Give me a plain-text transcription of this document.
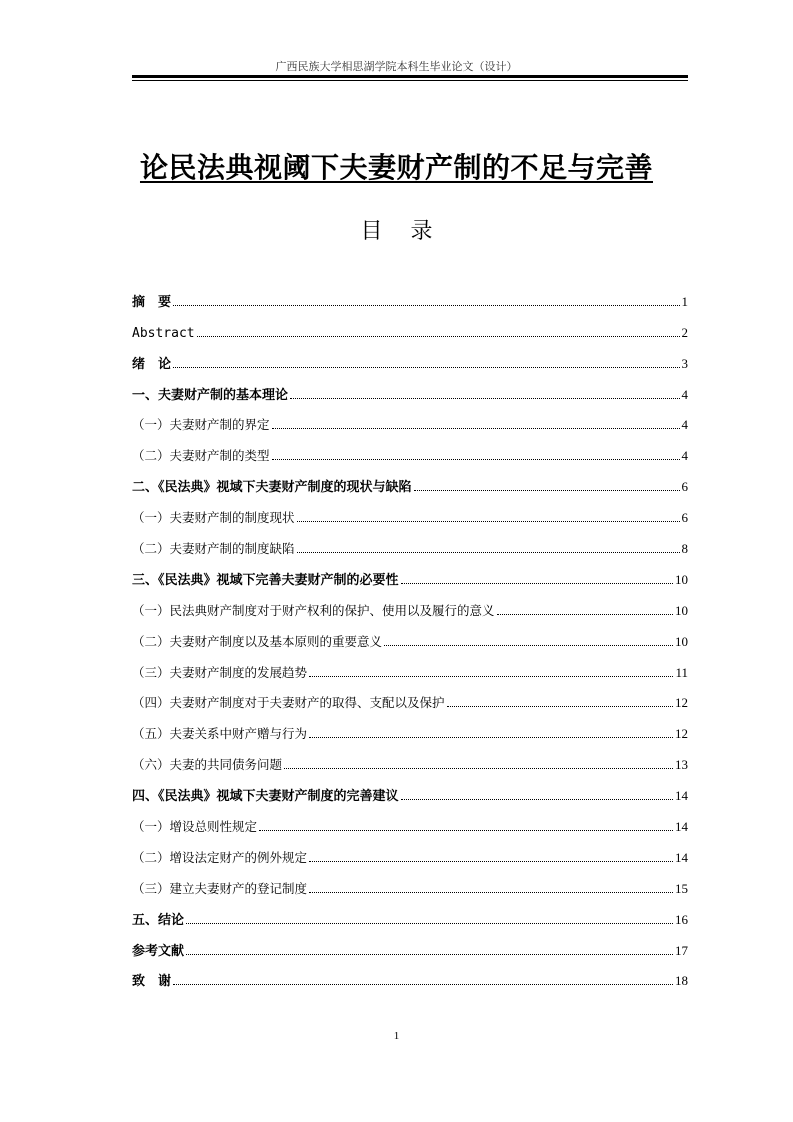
广西民族大学相思湖学院本科生毕业论文（设计）
论民法典视阈下夫妻财产制的不足与完善
目录
摘　要	1
Abstract	2
绪　论	3
一、夫妻财产制的基本理论	4
（一）夫妻财产制的界定	4
（二）夫妻财产制的类型	4
二、《民法典》视域下夫妻财产制度的现状与缺陷	6
（一）夫妻财产制的制度现状	6
（二）夫妻财产制的制度缺陷	8
三、《民法典》视域下完善夫妻财产制的必要性	10
（一）民法典财产制度对于财产权利的保护、使用以及履行的意义	10
（二）夫妻财产制度以及基本原则的重要意义	10
（三）夫妻财产制度的发展趋势	11
（四）夫妻财产制度对于夫妻财产的取得、支配以及保护	12
（五）夫妻关系中财产赠与行为	12
（六）夫妻的共同债务问题	13
四、《民法典》视域下夫妻财产制度的完善建议	14
（一）增设总则性规定	14
（二）增设法定财产的例外规定	14
（三）建立夫妻财产的登记制度	15
五、结论	16
参考文献	17
致　谢	18
1
